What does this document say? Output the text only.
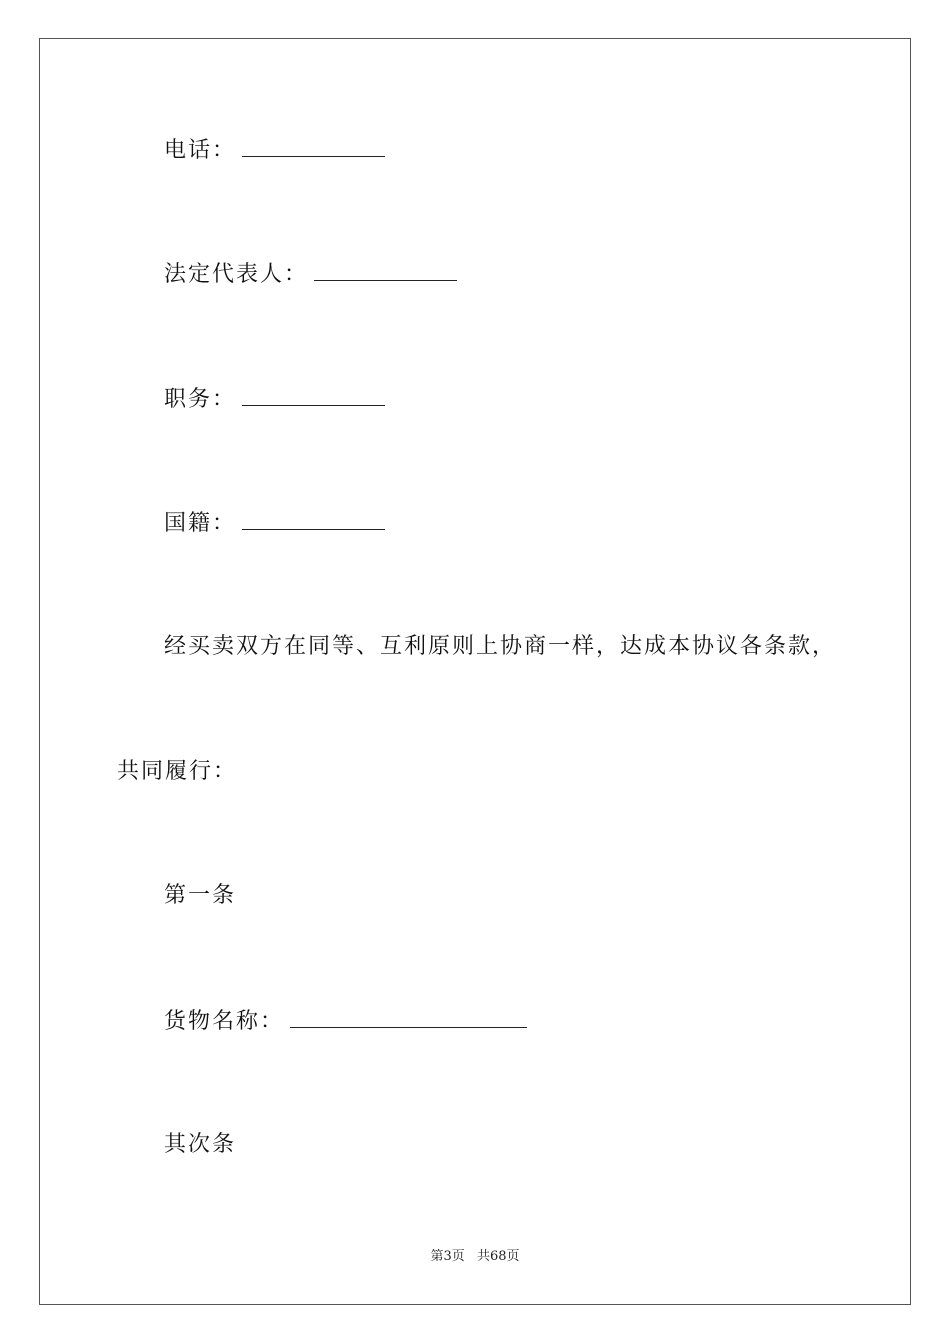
电话：
法定代表人：
职务：
国籍：
经买卖双方在同等、互利原则上协商一样，达成本协议各条款，
共同履行：
第一条
货物名称：
其次条
第3页 共68页
